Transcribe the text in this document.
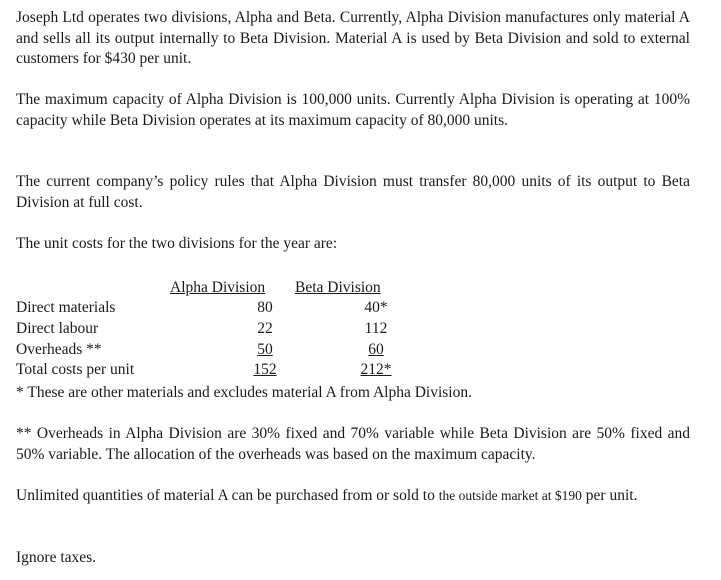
Joseph Ltd operates two divisions, Alpha and Beta. Currently, Alpha Division manufactures only material A and sells all its output internally to Beta Division. Material A is used by Beta Division and sold to external customers for $430 per unit.

The maximum capacity of Alpha Division is 100,000 units. Currently Alpha Division is operating at 100% capacity while Beta Division operates at its maximum capacity of 80,000 units.

The current company’s policy rules that Alpha Division must transfer 80,000 units of its output to Beta Division at full cost.

The unit costs for the two divisions for the year are:

Alpha Division Beta Division
Direct materials	80	40*
Direct labour	22	112
Overheads **	50	60
Total costs per unit	152	212*

* These are other materials and excludes material A from Alpha Division.

** Overheads in Alpha Division are 30% fixed and 70% variable while Beta Division are 50% fixed and 50% variable. The allocation of the overheads was based on the maximum capacity.

Unlimited quantities of material A can be purchased from or sold to the outside market at $190 per unit.

Ignore taxes.
